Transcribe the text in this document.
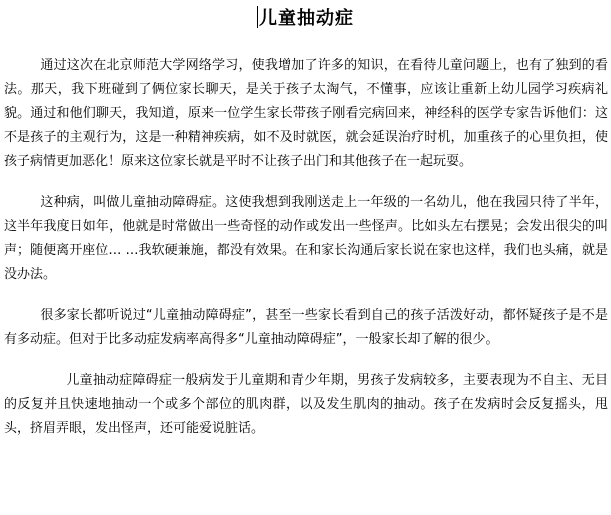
儿童抽动症

通过这次在北京师范大学网络学习，使我增加了许多的知识，在看待儿童问题上，也有了独到的看法。那天，我下班碰到了俩位家长聊天，是关于孩子太淘气，不懂事，应该让重新上幼儿园学习疾病礼貌。通过和他们聊天，我知道，原来一位学生家长带孩子刚看完病回来，神经科的医学专家告诉他们：这不是孩子的主观行为，这是一种精神疾病，如不及时就医，就会延误治疗时机，加重孩子的心里负担，使孩子病情更加恶化！原来这位家长就是平时不让孩子出门和其他孩子在一起玩耍。

这种病，叫做儿童抽动障碍症。这使我想到我刚送走上一年级的一名幼儿，他在我园只待了半年，这半年我度日如年，他就是时常做出一些奇怪的动作或发出一些怪声。比如头左右摆晃；会发出很尖的叫声；随便离开座位… …我软硬兼施，都没有效果。在和家长沟通后家长说在家也这样，我们也头痛，就是没办法。

很多家长都听说过“儿童抽动障碍症”，甚至一些家长看到自己的孩子活泼好动，都怀疑孩子是不是有多动症。但对于比多动症发病率高得多“儿童抽动障碍症”，一般家长却了解的很少。

儿童抽动症障碍症一般病发于儿童期和青少年期，男孩子发病较多，主要表现为不自主、无目的反复并且快速地抽动一个或多个部位的肌肉群，以及发生肌肉的抽动。孩子在发病时会反复摇头，甩头，挤眉弄眼，发出怪声，还可能爱说脏话。
